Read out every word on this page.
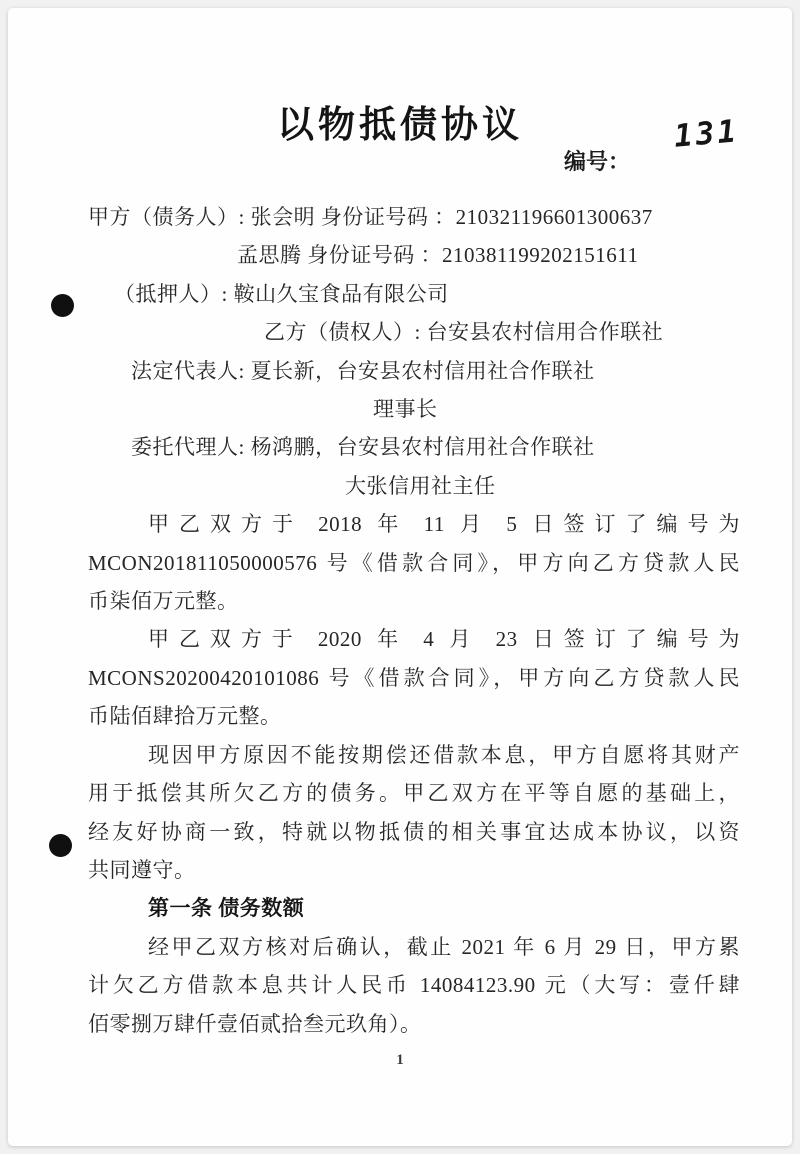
以物抵债协议
编号：
131
甲方（债务人）: 张会明 身份证号码 ：210321196601300637
孟思腾 身份证号码 ：210381199202151611
（抵押人）: 鞍山久宝食品有限公司
乙方（债权人）: 台安县农村信用合作联社
法定代表人: 夏长新，台安县农村信用社合作联社
理事长
委托代理人: 杨鸿鹏，台安县农村信用社合作联社
大张信用社主任
甲乙双方于 2018 年 11 月 5 日签订了编号为
MCON201811050000576 号《借款合同》，甲方向乙方贷款人民
币柒佰万元整。
甲乙双方于 2020 年 4 月 23 日签订了编号为
MCONS20200420101086 号《借款合同》，甲方向乙方贷款人民
币陆佰肆拾万元整。
现因甲方原因不能按期偿还借款本息，甲方自愿将其财产
用于抵偿其所欠乙方的债务。甲乙双方在平等自愿的基础上，
经友好协商一致，特就以物抵债的相关事宜达成本协议，以资
共同遵守。
第一条 债务数额
经甲乙双方核对后确认，截止 2021 年 6 月 29 日，甲方累
计欠乙方借款本息共计人民币 14084123.90 元（大写：壹仟肆
佰零捌万肆仟壹佰贰拾叁元玖角）。
1
